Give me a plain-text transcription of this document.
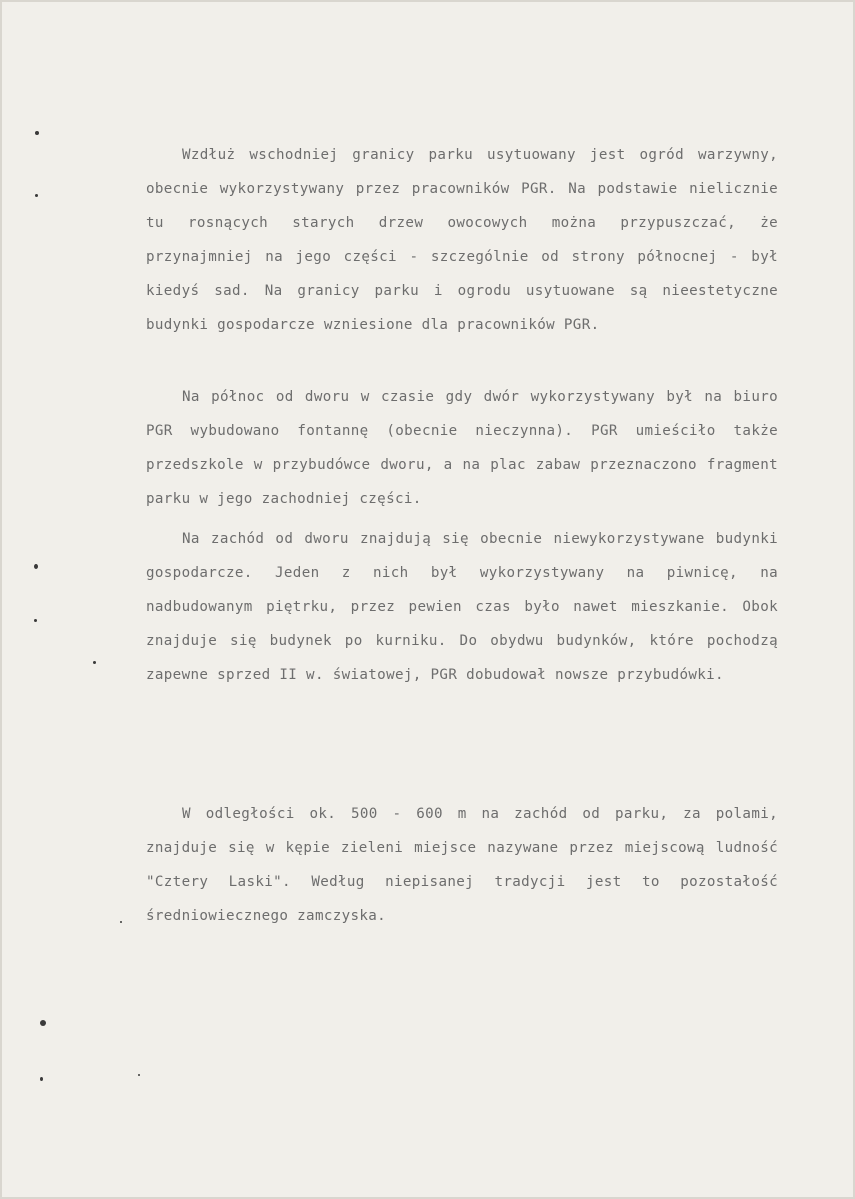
Wzdłuż wschodniej granicy parku usytuowany jest ogród warzywny, obecnie wykorzystywany przez pracowników PGR. Na podstawie nielicznie tu rosnących starych drzew owocowych można przypuszczać, że przynajmniej na jego części - szczególnie od strony północnej - był kiedyś sad. Na granicy parku i ogrodu usytuowane są nieestetyczne budynki gospodarcze wzniesione dla pracowników PGR.

Na północ od dworu w czasie gdy dwór wykorzystywany był na biuro PGR wybudowano fontannę (obecnie nieczynna). PGR umieściło także przedszkole w przybudówce dworu, a na plac zabaw przeznaczono fragment parku w jego zachodniej części.

Na zachód od dworu znajdują się obecnie niewykorzystywane budynki gospodarcze. Jeden z nich był wykorzystywany na piwnicę, na nadbudowanym piętrku, przez pewien czas było nawet mieszkanie. Obok znajduje się budynek po kurniku. Do obydwu budynków, które pochodzą zapewne sprzed II w. światowej, PGR dobudował nowsze przybudówki.

W odległości ok. 500 - 600 m na zachód od parku, za polami, znajduje się w kępie zieleni miejsce nazywane przez miejscową ludność "Cztery Laski". Według niepisanej tradycji jest to pozostałość średniowiecznego zamczyska.
